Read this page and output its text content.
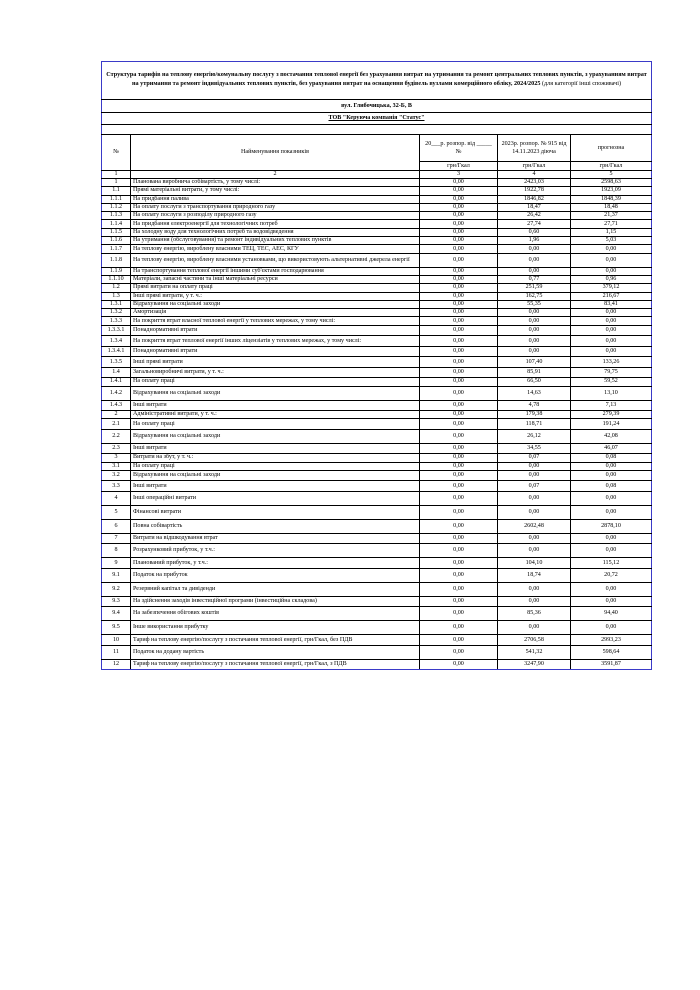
Структура тарифів на теплову енергію/комунальну послугу з постачання теплової енергії без урахування витрат на утримання та ремонт центральних теплових пунктів, з урахуванням витрат на утримання та ремонт індивідуальних теплових пунктів, без урахування витрат на оснащення будівель вузлами комерційного обліку, 2024/2025 (для категорії інші споживачі)				

вул. Глибочицька, 32-Б, В				
ТОВ "Керуюча компанія "Статус"				

№	Найменування показників	20___р. розпор. від _____ №	2023р. розпор. № 915 від 14.11.2023 діюча	прогнозна
		грн/Гкал	грн/Гкал	грн/Гкал
1	2	3	4	5
1	Планована виробнича собівартість, у тому числі:	0,00	2423,03	2598,63
1.1	Прямі матеріальні витрати, у тому числі:	0,00	1922,78	1923,09
1.1.1	На придбання палива	0,00	1846,82	1848,39
1.1.2	На оплату послуги з транспортування природного газу	0,00	18,47	18,48
1.1.3	На оплату послуги з розподілу природного газу	0,00	26,42	21,37
1.1.4	На придбання електроенергії для технологічних потреб	0,00	27,74	27,71
1.1.5	На холодну воду для технологічних потреб та водовідведення	0,00	0,60	1,15
1.1.6	На утримання (обслуговування) та ремонт індивідуальних теплових пунктів	0,00	1,96	5,03
1.1.7	На теплову енергію, вироблену власними ТЕЦ, ТЕС, АЕС, КГУ	0,00	0,00	0,00
1.1.8	На теплову енергію, вироблену власними установками, що використовують альтернативні джерела енергії	0,00	0,00	0,00
1.1.9	На транспортування теплової енергії іншими суб'єктами господарювання	0,00	0,00	0,00
1.1.10	Матеріали, запасні частини та інші матеріальні ресурси	0,00	0,77	0,96
1.2	Прямі витрати на оплату праці	0,00	251,59	379,12
1.3	Інші прямі витрати, у т. ч.:	0,00	162,75	216,67
1.3.1	Відрахування на соціальні заходи	0,00	55,35	83,41
1.3.2	Амортизація	0,00	0,00	0,00
1.3.3	На покриття втрат власної теплової енергії у теплових мережах, у тому числі:	0,00	0,00	0,00
1.3.3.1	Понаднормативні втрати	0,00	0,00	0,00
1.3.4	На покриття втрат теплової енергії інших ліцензіатів у теплових мережах, у тому числі:	0,00	0,00	0,00
1.3.4.1	Понаднормативні втрати	0,00	0,00	0,00
1.3.5	Інші прямі витрати	0,00	107,40	133,26
1.4	Загальновиробничі витрати, у т. ч.:	0,00	85,91	79,75
1.4.1	На оплату праці	0,00	66,50	59,52
1.4.2	Відрахування на соціальні заходи	0,00	14,63	13,10
1.4.3	Інші витрати	0,00	4,78	7,13
2	Адміністративні витрати, у т. ч.:	0,00	179,38	279,39
2.1	На оплату праці	0,00	118,71	191,24
2.2	Відрахування на соціальні заходи	0,00	26,12	42,08
2.3	Інші витрати	0,00	34,55	46,07
3	Витрати на збут, у т. ч.:	0,00	0,07	0,08
3.1	На оплату праці	0,00	0,00	0,00
3.2	Відрахування на соціальні заходи	0,00	0,00	0,00
3.3	Інші витрати	0,00	0,07	0,08
4	Інші операційні витрати	0,00	0,00	0,00
5	Фінансові витрати	0,00	0,00	0,00
6	Повна собівартість	0,00	2602,48	2878,10
7	Витрати на відшкодування втрат	0,00	0,00	0,00
8	Розрахунковий прибуток, у т.ч.:	0,00	0,00	0,00
9	Планований прибуток, у т.ч.:	0,00	104,10	115,12
9.1	Податок на прибуток	0,00	18,74	20,72
9.2	Резервний капітал та дивіденди	0,00	0,00	0,00
9.3	На здійснення заходів інвестиційної програми (інвестиційна складова)	0,00	0,00	0,00
9.4	На забезпечення обігових коштів	0,00	85,36	94,40
9.5	Інше використання прибутку	0,00	0,00	0,00
10	Тариф на теплову енергію/послугу з постачання теплової енергії, грн/Гкал, без ПДВ	0,00	2706,58	2993,23
11	Податок на додану вартість	0,00	541,32	598,64
12	Тариф на теплову енергію/послугу з постачання теплової енергії, грн/Гкал, з ПДВ	0,00	3247,90	3591,87
